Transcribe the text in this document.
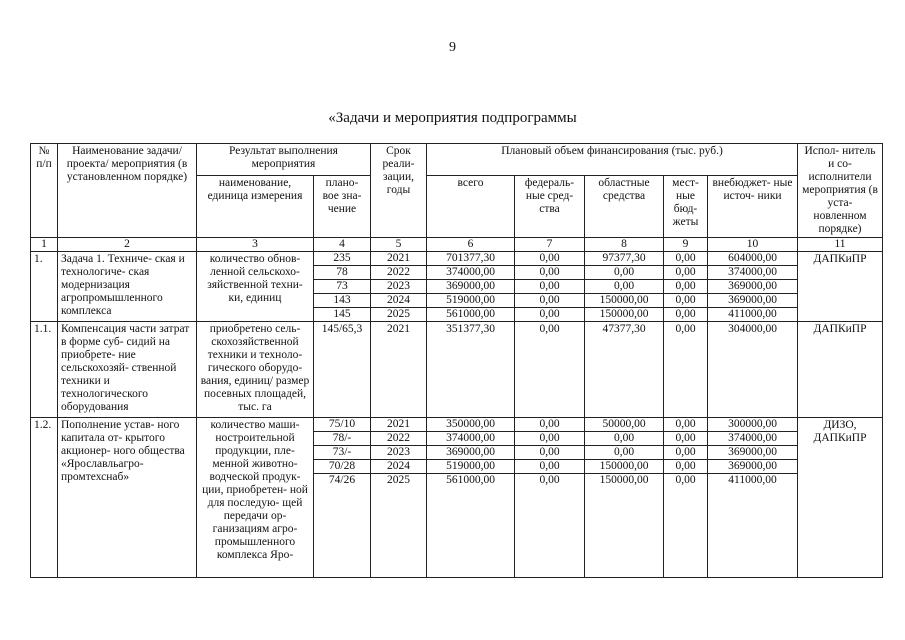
9
«Задачи и мероприятия подпрограммы
№ п/п	Наименование задачи/проекта/ мероприятия (в установленном порядке)	Результат выполнения мероприятия		Срок реали- зации, годы	Плановый объем финансирования (тыс. руб.)					Испол- нитель и со- исполнители мероприятия (в уста- новленном порядке)
		наименование, единица измерения	плано- вое зна- чение		всего	федераль- ные сред- ства	областные средства	мест- ные бюд- жеты	внебюджет- ные источ- ники	
1	2	3	4	5	6	7	8	9	10	11
1.	Задача 1. Техниче- ская и технологиче- ская модернизация агропромышленного комплекса	количество обнов- ленной сельскохо- зяйственной техни- ки, единиц	235	2021	701377,30	0,00	97377,30	0,00	604000,00	ДАПКиПР
			78	2022	374000,00	0,00	0,00	0,00	374000,00	
			73	2023	369000,00	0,00	0,00	0,00	369000,00	
			143	2024	519000,00	0,00	150000,00	0,00	369000,00	
			145	2025	561000,00	0,00	150000,00	0,00	411000,00	
1.1.	Компенсация части затрат в форме суб- сидий на приобрете- ние сельскохозяй- ственной техники и технологического оборудования	приобретено сель- скохозяйственной техники и техноло- гического оборудо- вания, единиц/ размер посевных площадей, тыс. га	145/65,3	2021	351377,30	0,00	47377,30	0,00	304000,00	ДАПКиПР
1.2.	Пополнение устав- ного капитала от- крытого акционер- ного общества «Ярославльагро- промтехснаб»	количество маши- ностроительной продукции, пле- менной животно- водческой продук- ции, приобретен- ной для последую- щей передачи ор- ганизациям агро- промышленного комплекса Яро-	75/10	2021	350000,00	0,00	50000,00	0,00	300000,00	ДИЗО, ДАПКиПР
			78/-	2022	374000,00	0,00	0,00	0,00	374000,00	
			73/-	2023	369000,00	0,00	0,00	0,00	369000,00	
			70/28	2024	519000,00	0,00	150000,00	0,00	369000,00	
			74/26	2025	561000,00	0,00	150000,00	0,00	411000,00	
